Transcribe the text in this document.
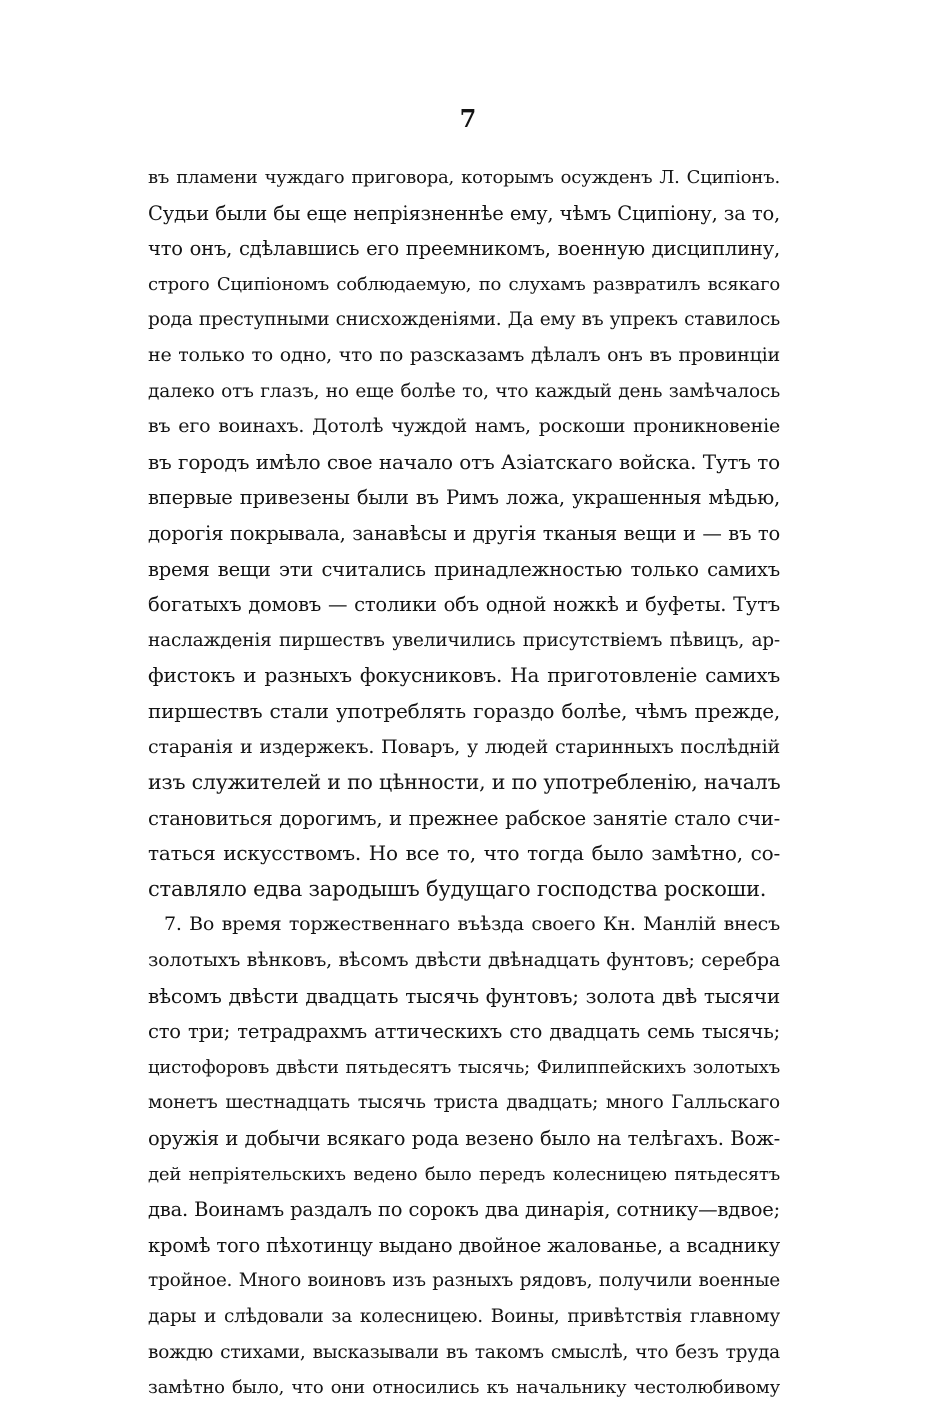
7
въ пламени чуждаго приговора, которымъ осужденъ Л. Сципіонъ.
Судьи были бы еще непріязненнѣе ему, чѣмъ Сципіону, за то,
что онъ, сдѣлавшись его преемникомъ, военную дисциплину,
строго Сципіономъ соблюдаемую, по слухамъ развратилъ всякаго
рода преступными снисхожденіями. Да ему въ упрекъ ставилось
не только то одно, что по разсказамъ дѣлалъ онъ въ провинціи
далеко отъ глазъ, но еще болѣе то, что каждый день замѣчалось
въ его воинахъ. Дотолѣ чуждой намъ, роскоши проникновеніе
въ городъ имѣло свое начало отъ Азіатскаго войска. Тутъ то
впервые привезены были въ Римъ ложа, украшенныя мѣдью,
дорогія покрывала, занавѣсы и другія тканыя вещи и — въ то
время вещи эти считались принадлежностью только самихъ
богатыхъ домовъ — столики объ одной ножкѣ и буфеты. Тутъ
наслажденія пиршествъ увеличились присутствіемъ пѣвицъ, ар-
фистокъ и разныхъ фокусниковъ. На приготовленіе самихъ
пиршествъ стали употреблять гораздо болѣе, чѣмъ прежде,
старанія и издержекъ. Поваръ, у людей старинныхъ послѣдній
изъ служителей и по цѣнности, и по употребленію, началъ
становиться дорогимъ, и прежнее рабское занятіе стало счи-
таться искусствомъ. Но все то, что тогда было замѣтно, со-
ставляло едва зародышъ будущаго господства роскоши.
7. Во время торжественнаго въѣзда своего Кн. Манлій внесъ
золотыхъ вѣнковъ, вѣсомъ двѣсти двѣнадцать фунтовъ; серебра
вѣсомъ двѣсти двадцать тысячь фунтовъ; золота двѣ тысячи
сто три; тетрадрахмъ аттическихъ сто двадцать семь тысячь;
цистофоровъ двѣсти пятьдесятъ тысячь; Филиппейскихъ золотыхъ
монетъ шестнадцать тысячь триста двадцать; много Галльскаго
оружія и добычи всякаго рода везено было на телѣгахъ. Вож-
дей непріятельскихъ ведено было передъ колесницею пятьдесятъ
два. Воинамъ раздалъ по сорокъ два динарія, сотнику—вдвое;
кромѣ того пѣхотинцу выдано двойное жалованье, а всаднику
тройное. Много воиновъ изъ разныхъ рядовъ, получили военные
дары и слѣдовали за колесницею. Воины, привѣтствія главному
вождю стихами, высказывали въ такомъ смыслѣ, что безъ труда
замѣтно было, что они относились къ начальнику честолюбивому
